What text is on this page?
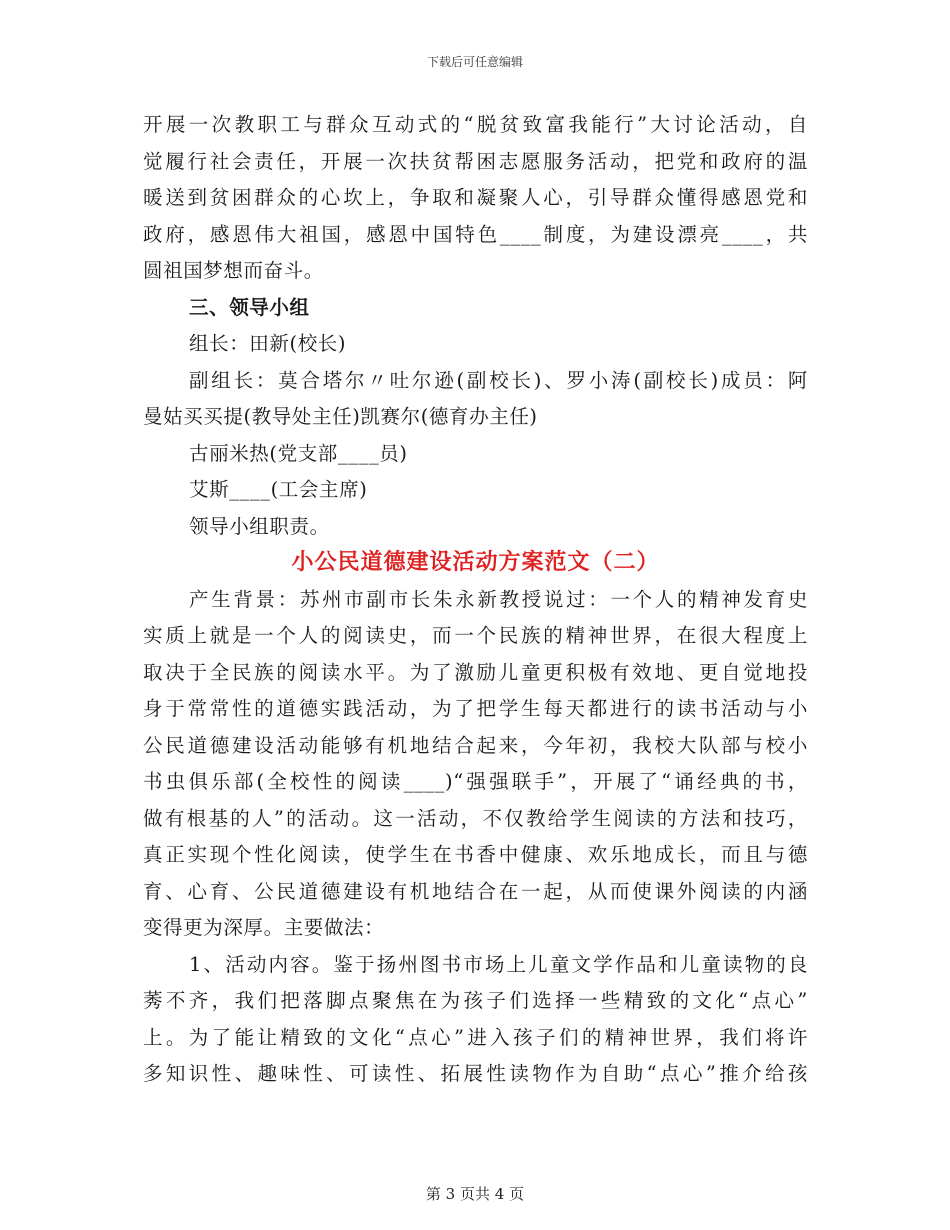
下载后可任意编辑
开展一次教职工与群众互动式的“脱贫致富我能行”大讨论活动，自
觉履行社会责任，开展一次扶贫帮困志愿服务活动，把党和政府的温
暖送到贫困群众的心坎上，争取和凝聚人心，引导群众懂得感恩党和
政府，感恩伟大祖国，感恩中国特色____制度，为建设漂亮____，共
圆祖国梦想而奋斗。
三、领导小组
组长：田新(校长)
副组长：莫合塔尔〃吐尔逊(副校长)、罗小涛(副校长)成员：阿
曼姑买买提(教导处主任)凯赛尔(德育办主任)
古丽米热(党支部____员)
艾斯____(工会主席)
领导小组职责。
小公民道德建设活动方案范文（二）
产生背景：苏州市副市长朱永新教授说过：一个人的精神发育史
实质上就是一个人的阅读史，而一个民族的精神世界，在很大程度上
取决于全民族的阅读水平。为了激励儿童更积极有效地、更自觉地投
身于常常性的道德实践活动，为了把学生每天都进行的读书活动与小
公民道德建设活动能够有机地结合起来，今年初，我校大队部与校小
书虫俱乐部(全校性的阅读____)“强强联手”，开展了“诵经典的书，
做有根基的人”的活动。这一活动，不仅教给学生阅读的方法和技巧，
真正实现个性化阅读，使学生在书香中健康、欢乐地成长，而且与德
育、心育、公民道德建设有机地结合在一起，从而使课外阅读的内涵
变得更为深厚。主要做法：
1、活动内容。鉴于扬州图书市场上儿童文学作品和儿童读物的良
莠不齐，我们把落脚点聚焦在为孩子们选择一些精致的文化“点心”
上。为了能让精致的文化“点心”进入孩子们的精神世界，我们将许
多知识性、趣味性、可读性、拓展性读物作为自助“点心”推介给孩
第 3 页共 4 页
